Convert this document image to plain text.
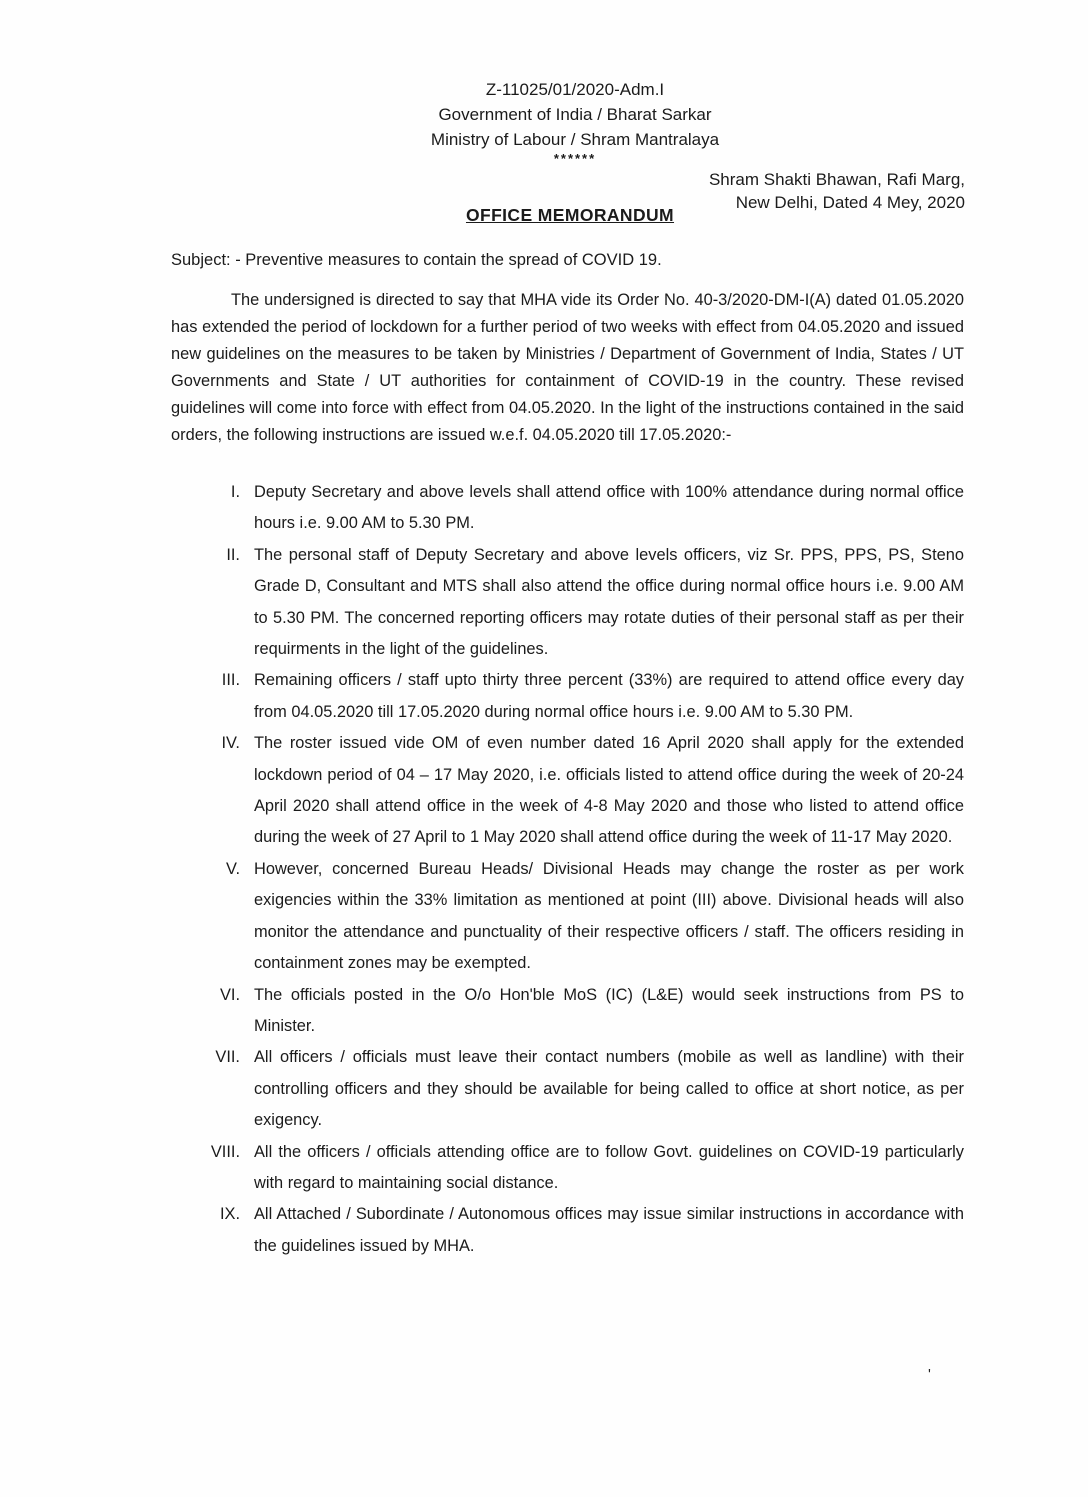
Z-11025/01/2020-Adm.I
Government of India / Bharat Sarkar
Ministry of Labour / Shram Mantralaya
******
Shram Shakti Bhawan, Rafi Marg,
New Delhi, Dated 4 Mey, 2020
OFFICE MEMORANDUM
Subject: - Preventive measures to contain the spread of COVID 19.

The undersigned is directed to say that MHA vide its Order No. 40-3/2020-DM-I(A) dated 01.05.2020 has extended the period of lockdown for a further period of two weeks with effect from 04.05.2020 and issued new guidelines on the measures to be taken by Ministries / Department of Government of India, States / UT Governments and State / UT authorities for containment of COVID-19 in the country. These revised guidelines will come into force with effect from 04.05.2020. In the light of the instructions contained in the said orders, the following instructions are issued w.e.f. 04.05.2020 till 17.05.2020:-

I. Deputy Secretary and above levels shall attend office with 100% attendance during normal office hours i.e. 9.00 AM to 5.30 PM.
II. The personal staff of Deputy Secretary and above levels officers, viz Sr. PPS, PPS, PS, Steno Grade D, Consultant and MTS shall also attend the office during normal office hours i.e. 9.00 AM to 5.30 PM. The concerned reporting officers may rotate duties of their personal staff as per their requirments in the light of the guidelines.
III. Remaining officers / staff upto thirty three percent (33%) are required to attend office every day from 04.05.2020 till 17.05.2020 during normal office hours i.e. 9.00 AM to 5.30 PM.
IV. The roster issued vide OM of even number dated 16 April 2020 shall apply for the extended lockdown period of 04 – 17 May 2020, i.e. officials listed to attend office during the week of 20-24 April 2020 shall attend office in the week of 4-8 May 2020 and those who listed to attend office during the week of 27 April to 1 May 2020 shall attend office during the week of 11-17 May 2020.
V. However, concerned Bureau Heads/ Divisional Heads may change the roster as per work exigencies within the 33% limitation as mentioned at point (III) above. Divisional heads will also monitor the attendance and punctuality of their respective officers / staff. The officers residing in containment zones may be exempted.
VI. The officials posted in the O/o Hon'ble MoS (IC) (L&E) would seek instructions from PS to Minister.
VII. All officers / officials must leave their contact numbers (mobile as well as landline) with their controlling officers and they should be available for being called to office at short notice, as per exigency.
VIII. All the officers / officials attending office are to follow Govt. guidelines on COVID-19 particularly with regard to maintaining social distance.
IX. All Attached / Subordinate / Autonomous offices may issue similar instructions in accordance with the guidelines issued by MHA.
'
